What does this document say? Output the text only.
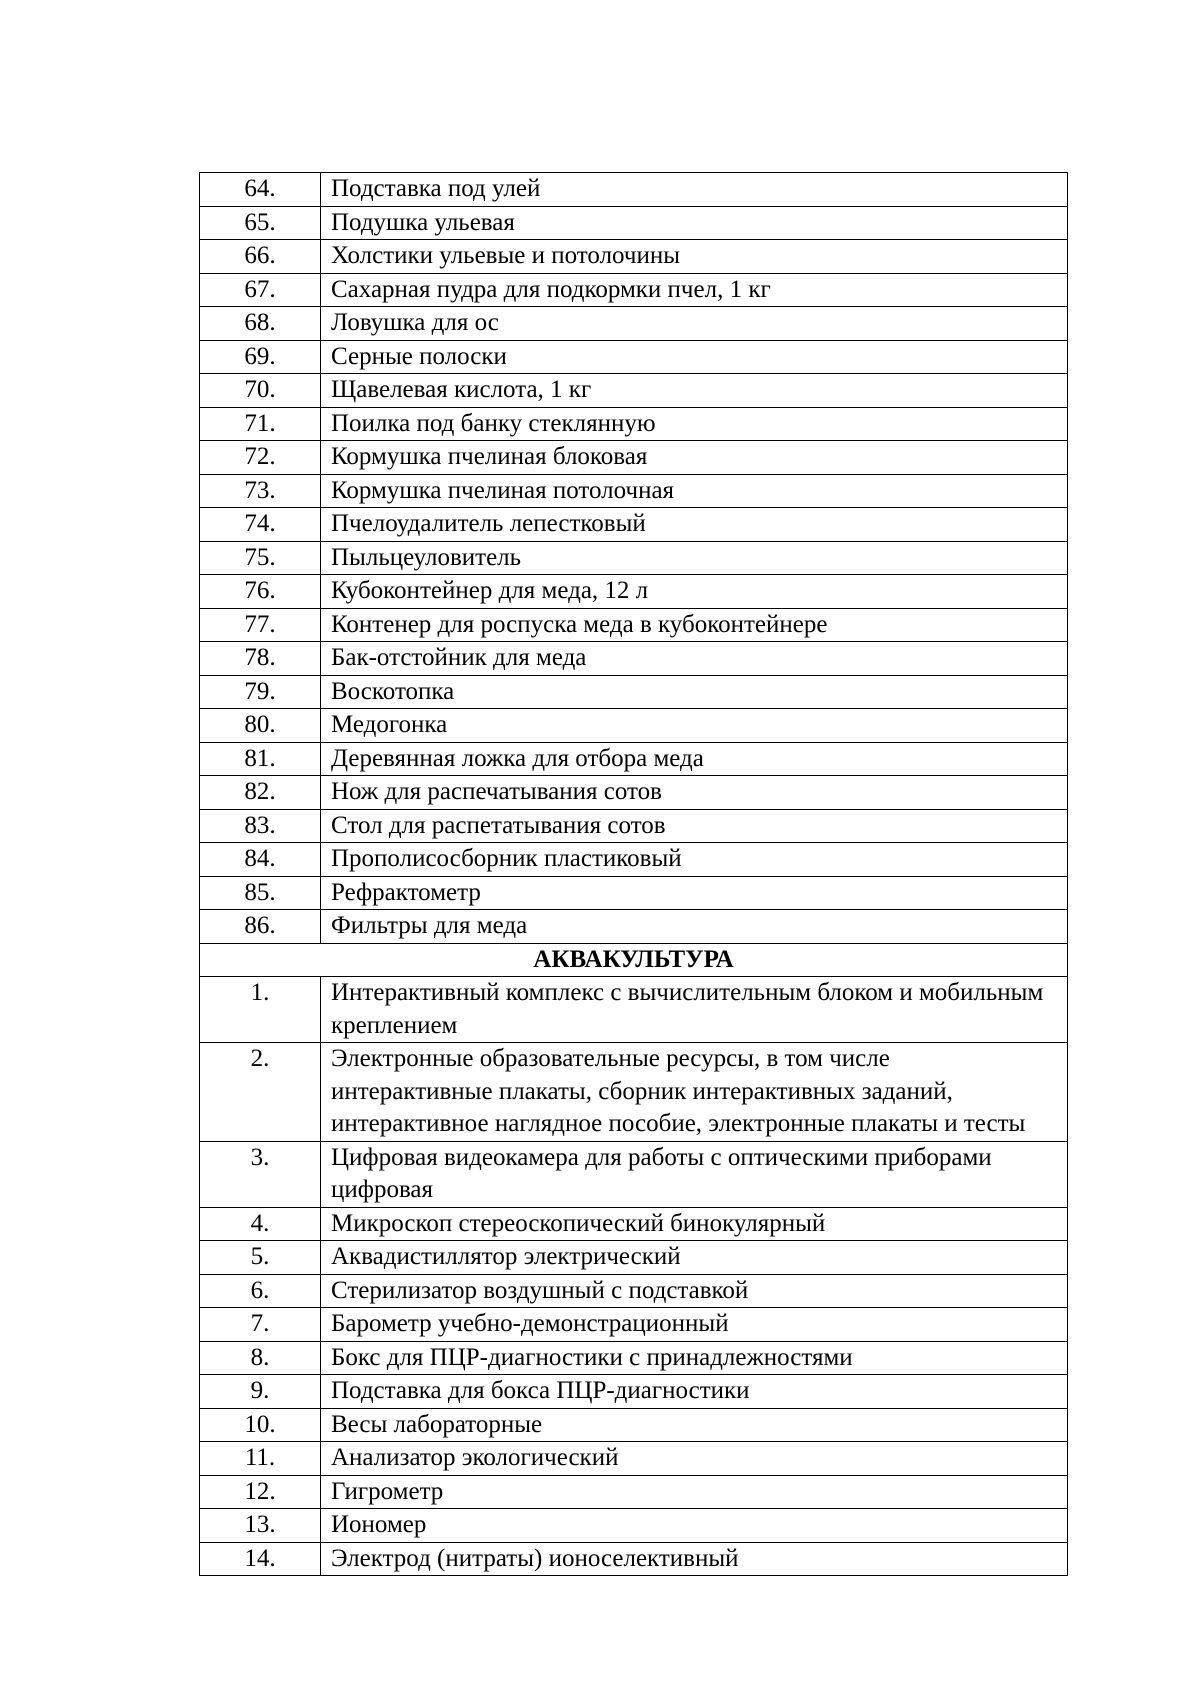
64.	Подставка под улей
65.	Подушка ульевая
66.	Холстики ульевые и потолочины
67.	Сахарная пудра для подкормки пчел, 1 кг
68.	Ловушка для ос
69.	Серные полоски
70.	Щавелевая кислота, 1 кг
71.	Поилка под банку стеклянную
72.	Кормушка пчелиная блоковая
73.	Кормушка пчелиная потолочная
74.	Пчелоудалитель лепестковый
75.	Пыльцеуловитель
76.	Кубоконтейнер для меда, 12 л
77.	Контенер для роспуска меда в кубоконтейнере
78.	Бак-отстойник для меда
79.	Воскотопка
80.	Медогонка
81.	Деревянная ложка для отбора меда
82.	Нож для распечатывания сотов
83.	Стол для распетатывания сотов
84.	Прополисосборник пластиковый
85.	Рефрактометр
86.	Фильтры для меда
АКВАКУЛЬТУРА	
1.	Интерактивный комплекс с вычислительным блоком и мобильным креплением
2.	Электронные образовательные ресурсы, в том числе интерактивные плакаты, сборник интерактивных заданий, интерактивное наглядное пособие, электронные плакаты и тесты
3.	Цифровая видеокамера для работы с оптическими приборами цифровая
4.	Микроскоп стереоскопический бинокулярный
5.	Аквадистиллятор электрический
6.	Стерилизатор воздушный с подставкой
7.	Барометр учебно-демонстрационный
8.	Бокс для ПЦР-диагностики с принадлежностями
9.	Подставка для бокса ПЦР-диагностики
10.	Весы лабораторные
11.	Анализатор экологический
12.	Гигрометр
13.	Иономер
14.	Электрод (нитраты) ионоселективный
